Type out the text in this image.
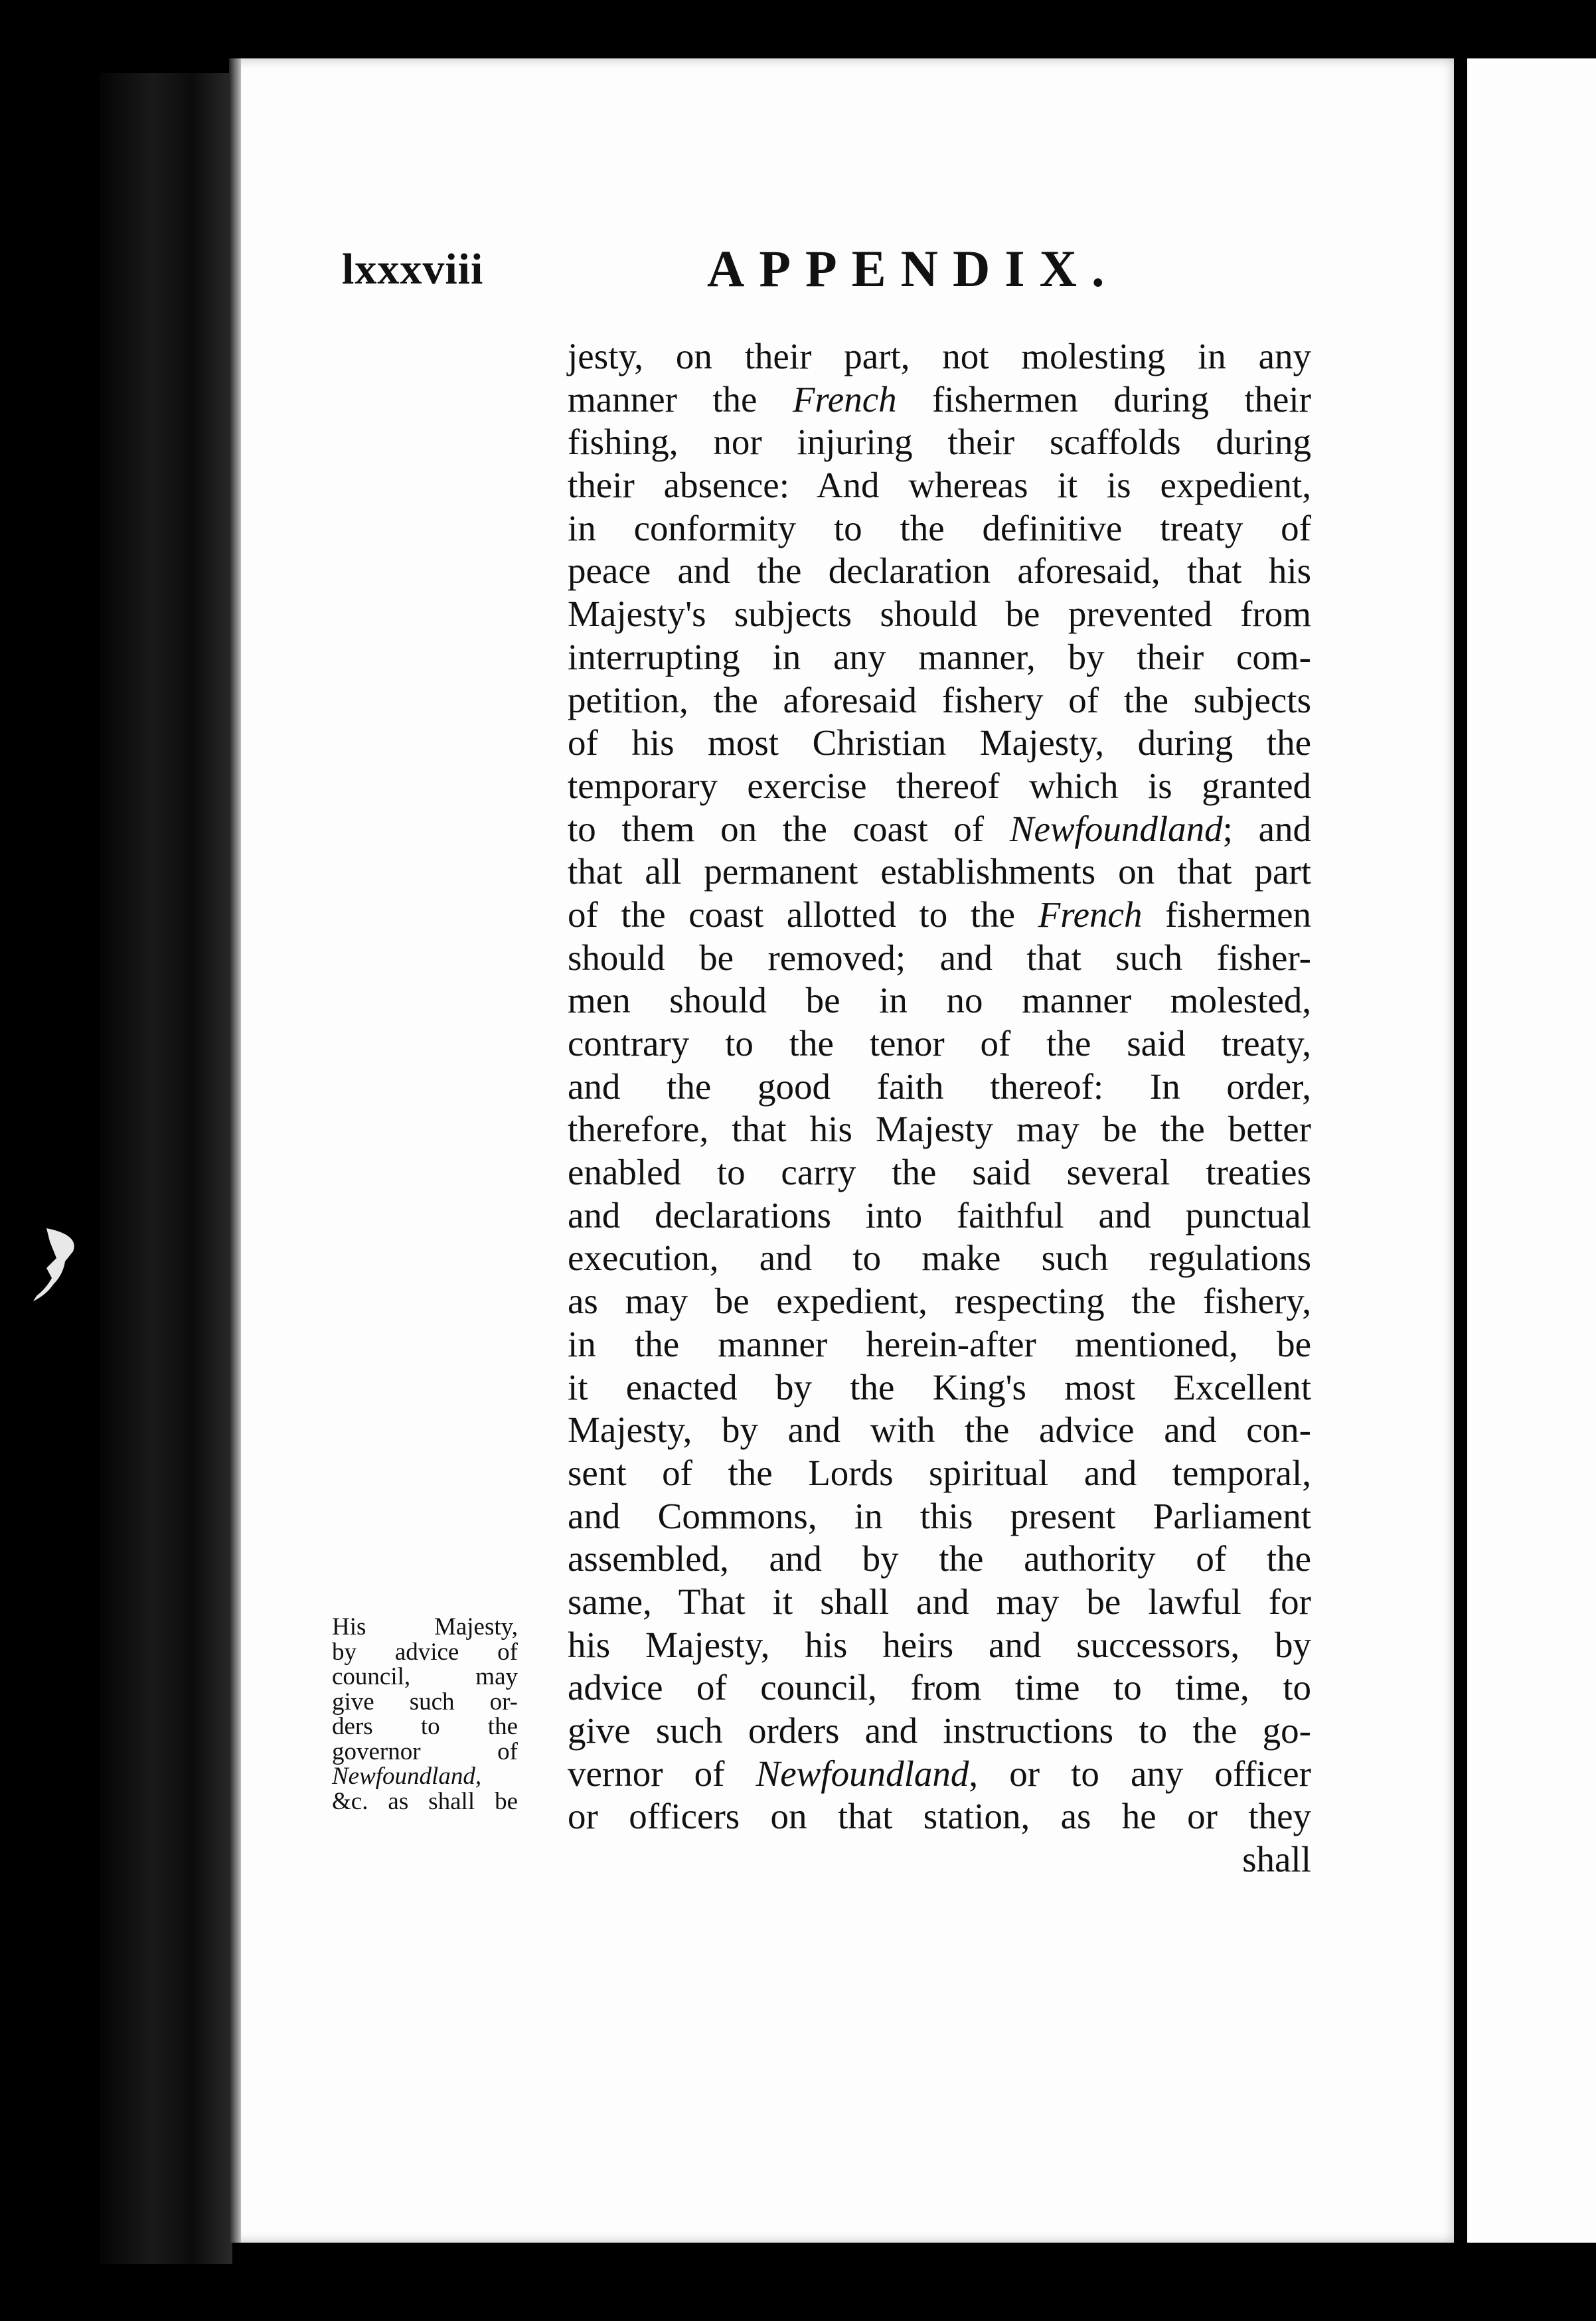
lxxxviii	APPENDIX.
jesty, on their part, not molesting in any
manner the French fishermen during their
fishing, nor injuring their scaffolds during
their absence: And whereas it is expedient,
in conformity to the definitive treaty of
peace and the declaration aforesaid, that his
Majesty's subjects should be prevented from
interrupting in any manner, by their com-
petition, the aforesaid fishery of the subjects
of his most Christian Majesty, during the
temporary exercise thereof which is granted
to them on the coast of Newfoundland; and
that all permanent establishments on that part
of the coast allotted to the French fishermen
should be removed; and that such fisher-
men should be in no manner molested,
contrary to the tenor of the said treaty,
and the good faith thereof: In order,
therefore, that his Majesty may be the better
enabled to carry the said several treaties
and declarations into faithful and punctual
execution, and to make such regulations
as may be expedient, respecting the fishery,
in the manner herein-after mentioned, be
it enacted by the King's most Excellent
Majesty, by and with the advice and con-
sent of the Lords spiritual and temporal,
and Commons, in this present Parliament
assembled, and by the authority of the
same, That it shall and may be lawful for
his Majesty, his heirs and successors, by
advice of council, from time to time, to
give such orders and instructions to the go-
vernor of Newfoundland, or to any officer
or officers on that station, as he or they
shall
His Majesty,
by advice of
council, may
give such or-
ders to the
governor of
Newfoundland,
&c. as shall be
